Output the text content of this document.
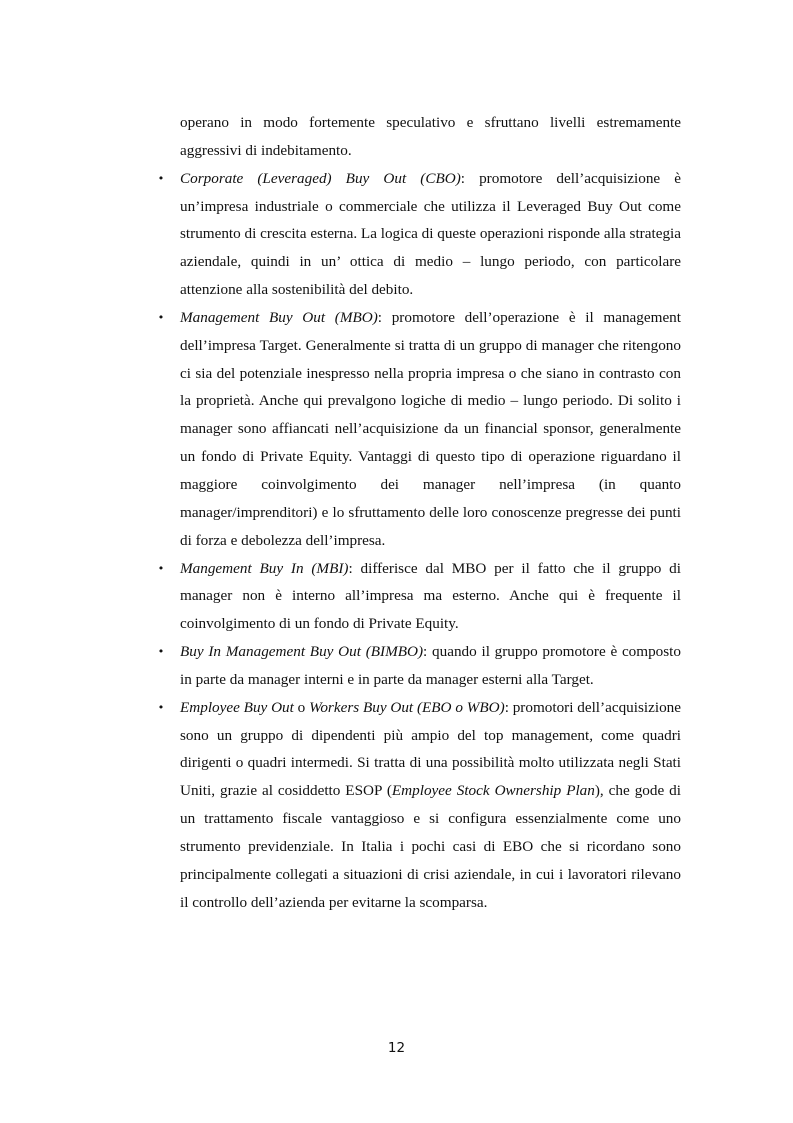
operano in modo fortemente speculativo e sfruttano livelli estremamente aggressivi di indebitamento.

• Corporate (Leveraged) Buy Out (CBO): promotore dell’acquisizione è un’impresa industriale o commerciale che utilizza il Leveraged Buy Out come strumento di crescita esterna. La logica di queste operazioni risponde alla strategia aziendale, quindi in un’ ottica di medio – lungo periodo, con particolare attenzione alla sostenibilità del debito.

• Management Buy Out (MBO): promotore dell’operazione è il management dell’impresa Target. Generalmente si tratta di un gruppo di manager che ritengono ci sia del potenziale inespresso nella propria impresa o che siano in contrasto con la proprietà. Anche qui prevalgono logiche di medio – lungo periodo. Di solito i manager sono affiancati nell’acquisizione da un financial sponsor, generalmente un fondo di Private Equity. Vantaggi di questo tipo di operazione riguardano il maggiore coinvolgimento dei manager nell’impresa (in quanto manager/imprenditori) e lo sfruttamento delle loro conoscenze pregresse dei punti di forza e debolezza dell’impresa.

• Mangement Buy In (MBI): differisce dal MBO per il fatto che il gruppo di manager non è interno all’impresa ma esterno. Anche qui è frequente il coinvolgimento di un fondo di Private Equity.

• Buy In Management Buy Out (BIMBO): quando il gruppo promotore è composto in parte da manager interni e in parte da manager esterni alla Target.

• Employee Buy Out o Workers Buy Out (EBO o WBO): promotori dell’acquisizione sono un gruppo di dipendenti più ampio del top management, come quadri dirigenti o quadri intermedi. Si tratta di una possibilità molto utilizzata negli Stati Uniti, grazie al cosiddetto ESOP (Employee Stock Ownership Plan), che gode di un trattamento fiscale vantaggioso e si configura essenzialmente come uno strumento previdenziale. In Italia i pochi casi di EBO che si ricordano sono principalmente collegati a situazioni di crisi aziendale, in cui i lavoratori rilevano il controllo dell’azienda per evitarne la scomparsa.

12
